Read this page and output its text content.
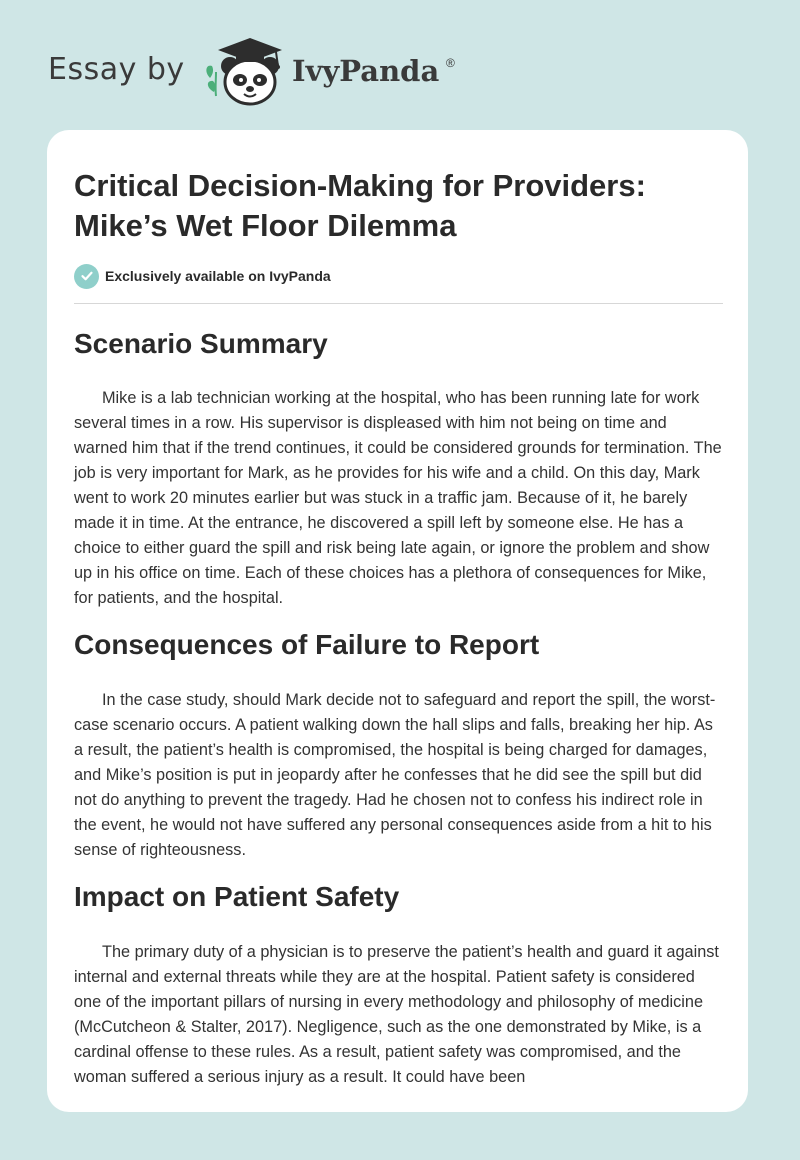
Essay by	IvyPanda ®
Critical Decision-Making for Providers: Mike’s Wet Floor Dilemma
Exclusively available on IvyPanda
Scenario Summary

Mike is a lab technician working at the hospital, who has been running late for work several times in a row. His supervisor is displeased with him not being on time and warned him that if the trend continues, it could be considered grounds for termination. The job is very important for Mark, as he provides for his wife and a child. On this day, Mark went to work 20 minutes earlier but was stuck in a traffic jam. Because of it, he barely made it in time. At the entrance, he discovered a spill left by someone else. He has a choice to either guard the spill and risk being late again, or ignore the problem and show up in his office on time. Each of these choices has a plethora of consequences for Mike, for patients, and the hospital.

Consequences of Failure to Report

In the case study, should Mark decide not to safeguard and report the spill, the worst-case scenario occurs. A patient walking down the hall slips and falls, breaking her hip. As a result, the patient’s health is compromised, the hospital is being charged for damages, and Mike’s position is put in jeopardy after he confesses that he did see the spill but did not do anything to prevent the tragedy. Had he chosen not to confess his indirect role in the event, he would not have suffered any personal consequences aside from a hit to his sense of righteousness.

Impact on Patient Safety

The primary duty of a physician is to preserve the patient’s health and guard it against internal and external threats while they are at the hospital. Patient safety is considered one of the important pillars of nursing in every methodology and philosophy of medicine (McCutcheon & Stalter, 2017). Negligence, such as the one demonstrated by Mike, is a cardinal offense to these rules. As a result, patient safety was compromised, and the woman suffered a serious injury as a result. It could have been
